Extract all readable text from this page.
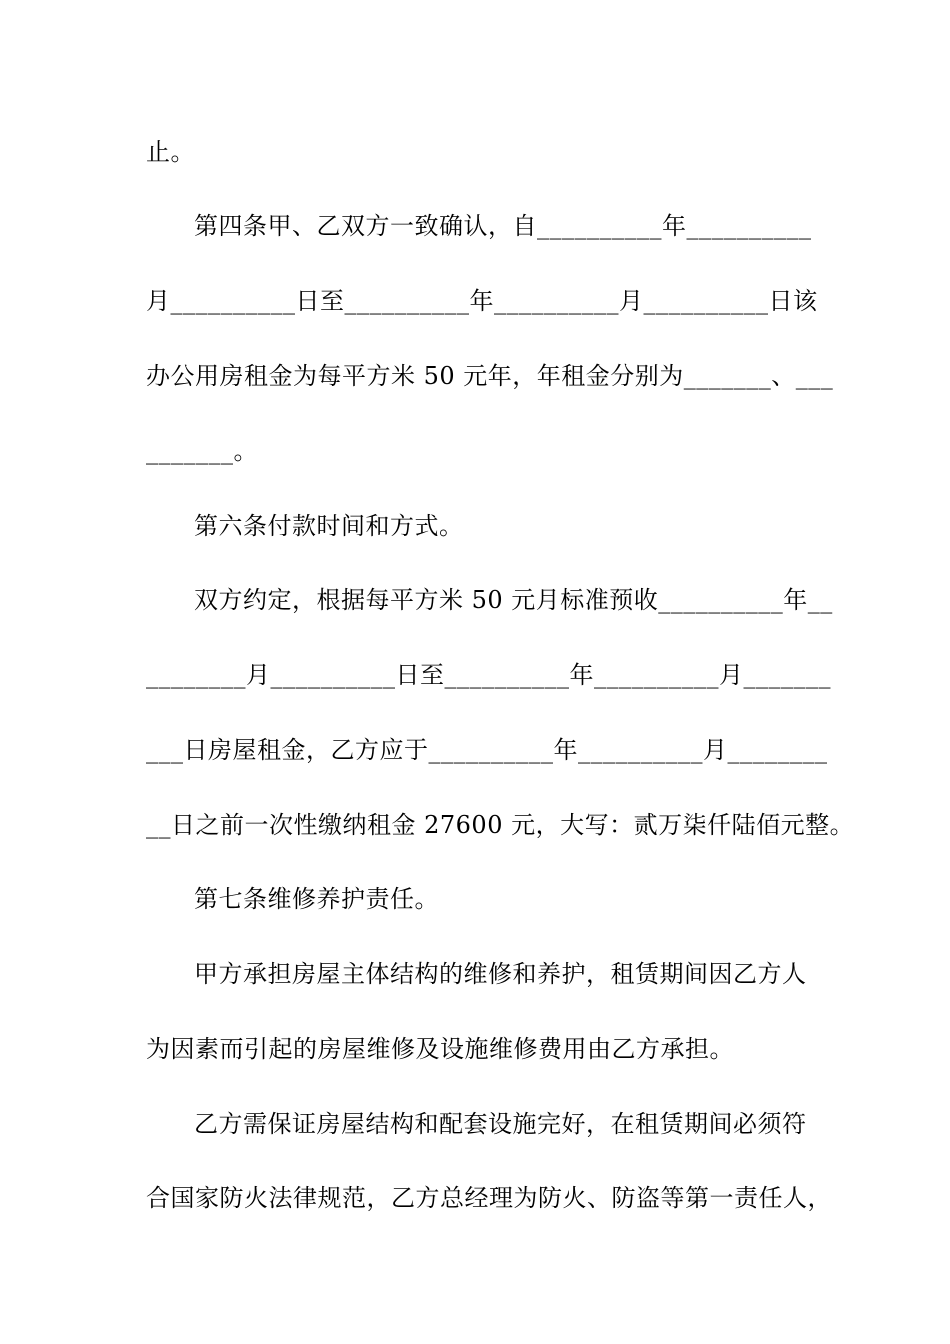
止。
第四条甲、乙双方一致确认，自__________年__________
月__________日至__________年__________月__________日该
办公用房租金为每平方米 50 元年，年租金分别为_______、___
_______。
第六条付款时间和方式。
双方约定，根据每平方米 50 元月标准预收__________年__
________月__________日至__________年__________月_______
___日房屋租金，乙方应于__________年__________月________
__日之前一次性缴纳租金 27600 元，大写：贰万柒仟陆佰元整。
第七条维修养护责任。
甲方承担房屋主体结构的维修和养护，租赁期间因乙方人
为因素而引起的房屋维修及设施维修费用由乙方承担。
乙方需保证房屋结构和配套设施完好，在租赁期间必须符
合国家防火法律规范，乙方总经理为防火、防盗等第一责任人，
